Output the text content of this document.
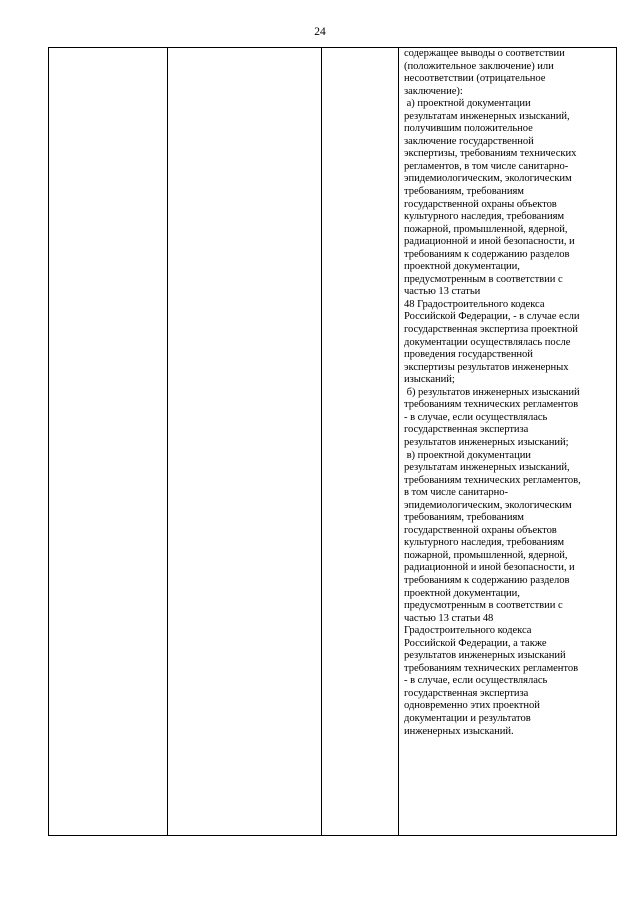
24

содержащее выводы о соответствии
(положительное заключение) или
несоответствии (отрицательное
заключение):
а) проектной документации
результатам инженерных изысканий,
получившим положительное
заключение государственной
экспертизы, требованиям технических
регламентов, в том числе санитарно-
эпидемиологическим, экологическим
требованиям, требованиям
государственной охраны объектов
культурного наследия, требованиям
пожарной, промышленной, ядерной,
радиационной и иной безопасности, и
требованиям к содержанию разделов
проектной документации,
предусмотренным в соответствии с
частью 13 статьи
48 Градостроительного кодекса
Российской Федерации, - в случае если
государственная экспертиза проектной
документации осуществлялась после
проведения государственной
экспертизы результатов инженерных
изысканий;
б) результатов инженерных изысканий
требованиям технических регламентов
- в случае, если осуществлялась
государственная экспертиза
результатов инженерных изысканий;
в) проектной документации
результатам инженерных изысканий,
требованиям технических регламентов,
в том числе санитарно-
эпидемиологическим, экологическим
требованиям, требованиям
государственной охраны объектов
культурного наследия, требованиям
пожарной, промышленной, ядерной,
радиационной и иной безопасности, и
требованиям к содержанию разделов
проектной документации,
предусмотренным в соответствии с
частью 13 статьи 48
Градостроительного кодекса
Российской Федерации, а также
результатов инженерных изысканий
требованиям технических регламентов
- в случае, если осуществлялась
государственная экспертиза
одновременно этих проектной
документации и результатов
инженерных изысканий.
